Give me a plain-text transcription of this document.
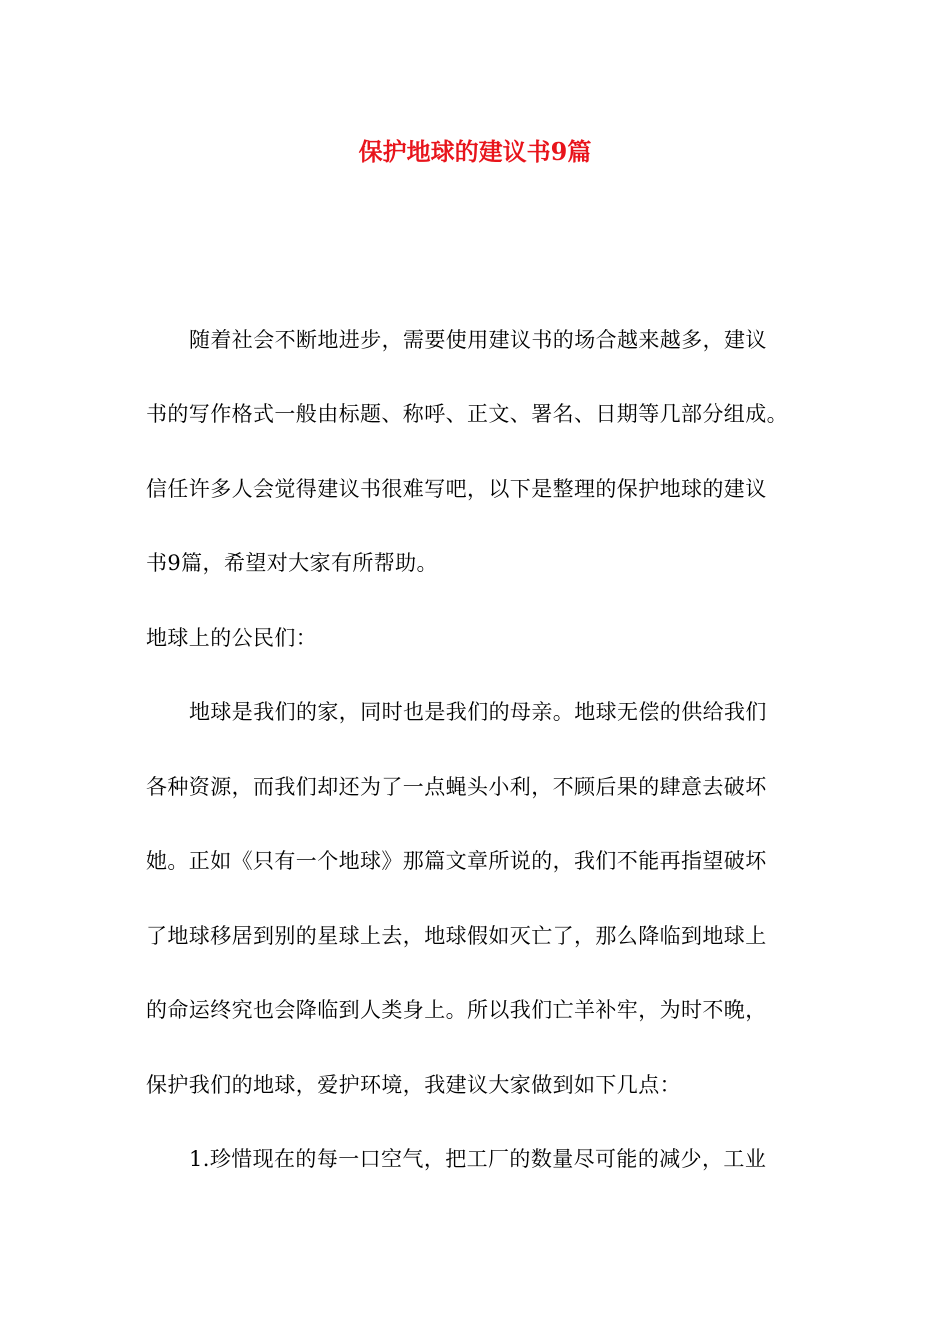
保护地球的建议书9篇
随着社会不断地进步，需要使用建议书的场合越来越多，建议
书的写作格式一般由标题、称呼、正文、署名、日期等几部分组成。
信任许多人会觉得建议书很难写吧，以下是整理的保护地球的建议
书9篇，希望对大家有所帮助。
地球上的公民们：
地球是我们的家，同时也是我们的母亲。地球无偿的供给我们
各种资源，而我们却还为了一点蝇头小利，不顾后果的肆意去破坏
她。正如《只有一个地球》那篇文章所说的，我们不能再指望破坏
了地球移居到别的星球上去，地球假如灭亡了，那么降临到地球上
的命运终究也会降临到人类身上。所以我们亡羊补牢，为时不晚，
保护我们的地球，爱护环境，我建议大家做到如下几点：
1.珍惜现在的每一口空气，把工厂的数量尽可能的减少，工业
